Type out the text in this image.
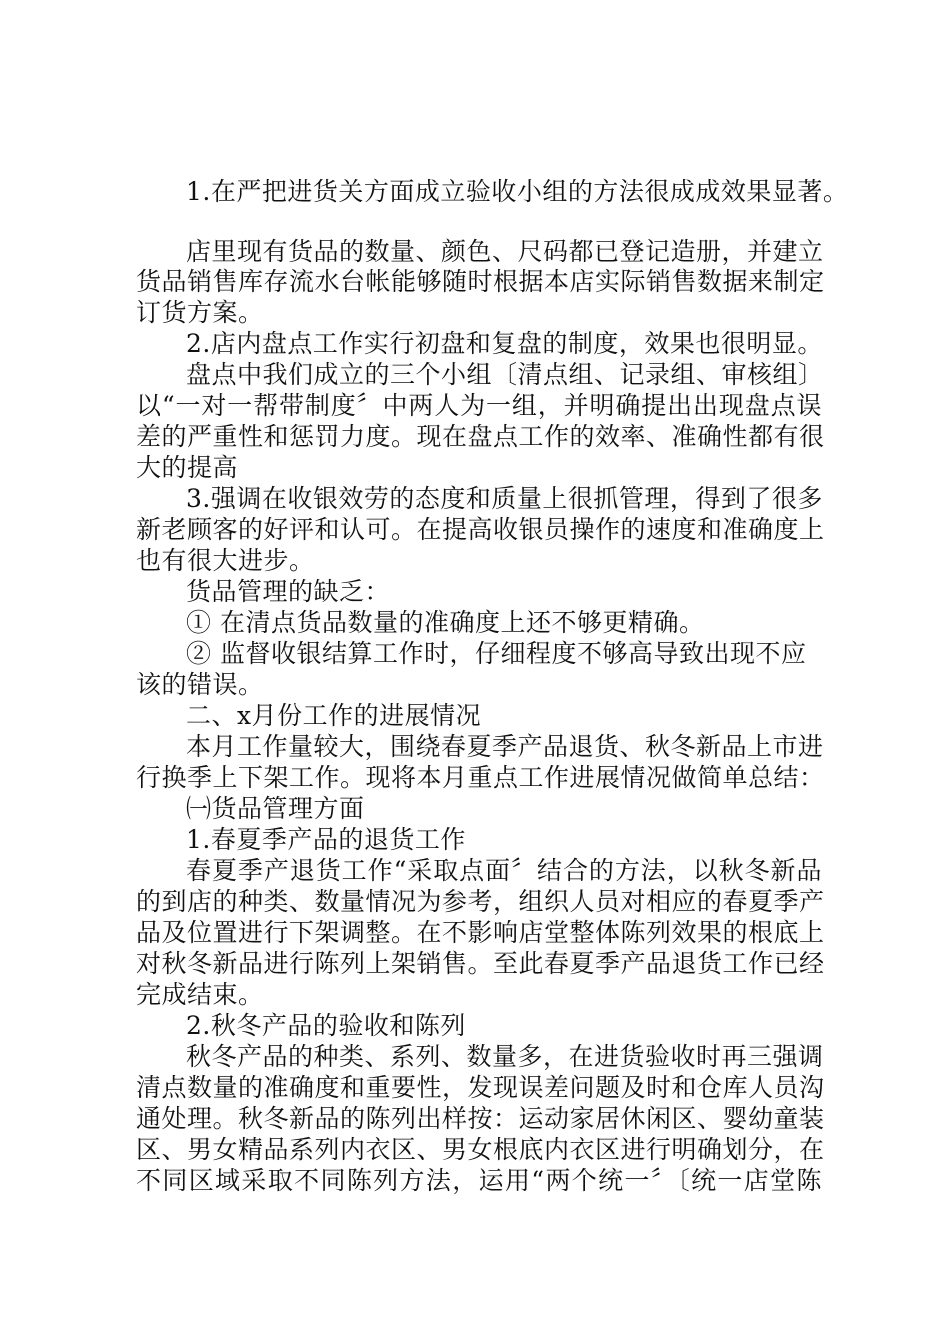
1.在严把进货关方面成立验收小组的方法很成成效果显著。
店里现有货品的数量、颜色、尺码都已登记造册，并建立
货品销售库存流水台帐能够随时根据本店实际销售数据来制定
订货方案。
2.店内盘点工作实行初盘和复盘的制度，效果也很明显。
盘点中我们成立的三个小组〔清点组、记录组、审核组〕
以“一对一帮带制度〞中两人为一组，并明确提出出现盘点误
差的严重性和惩罚力度。现在盘点工作的效率、准确性都有很
大的提高
3.强调在收银效劳的态度和质量上很抓管理，得到了很多
新老顾客的好评和认可。在提高收银员操作的速度和准确度上
也有很大进步。
货品管理的缺乏：
① 在清点货品数量的准确度上还不够更精确。
② 监督收银结算工作时，仔细程度不够高导致出现不应
该的错误。
二、x月份工作的进展情况
本月工作量较大，围绕春夏季产品退货、秋冬新品上市进
行换季上下架工作。现将本月重点工作进展情况做简单总结：
㈠货品管理方面
1.春夏季产品的退货工作
春夏季产退货工作“采取点面〞结合的方法，以秋冬新品
的到店的种类、数量情况为参考，组织人员对相应的春夏季产
品及位置进行下架调整。在不影响店堂整体陈列效果的根底上
对秋冬新品进行陈列上架销售。至此春夏季产品退货工作已经
完成结束。
2.秋冬产品的验收和陈列
秋冬产品的种类、系列、数量多，在进货验收时再三强调
清点数量的准确度和重要性，发现误差问题及时和仓库人员沟
通处理。秋冬新品的陈列出样按：运动家居休闲区、婴幼童装
区、男女精品系列内衣区、男女根底内衣区进行明确划分，在
不同区域采取不同陈列方法，运用“两个统一〞〔统一店堂陈
